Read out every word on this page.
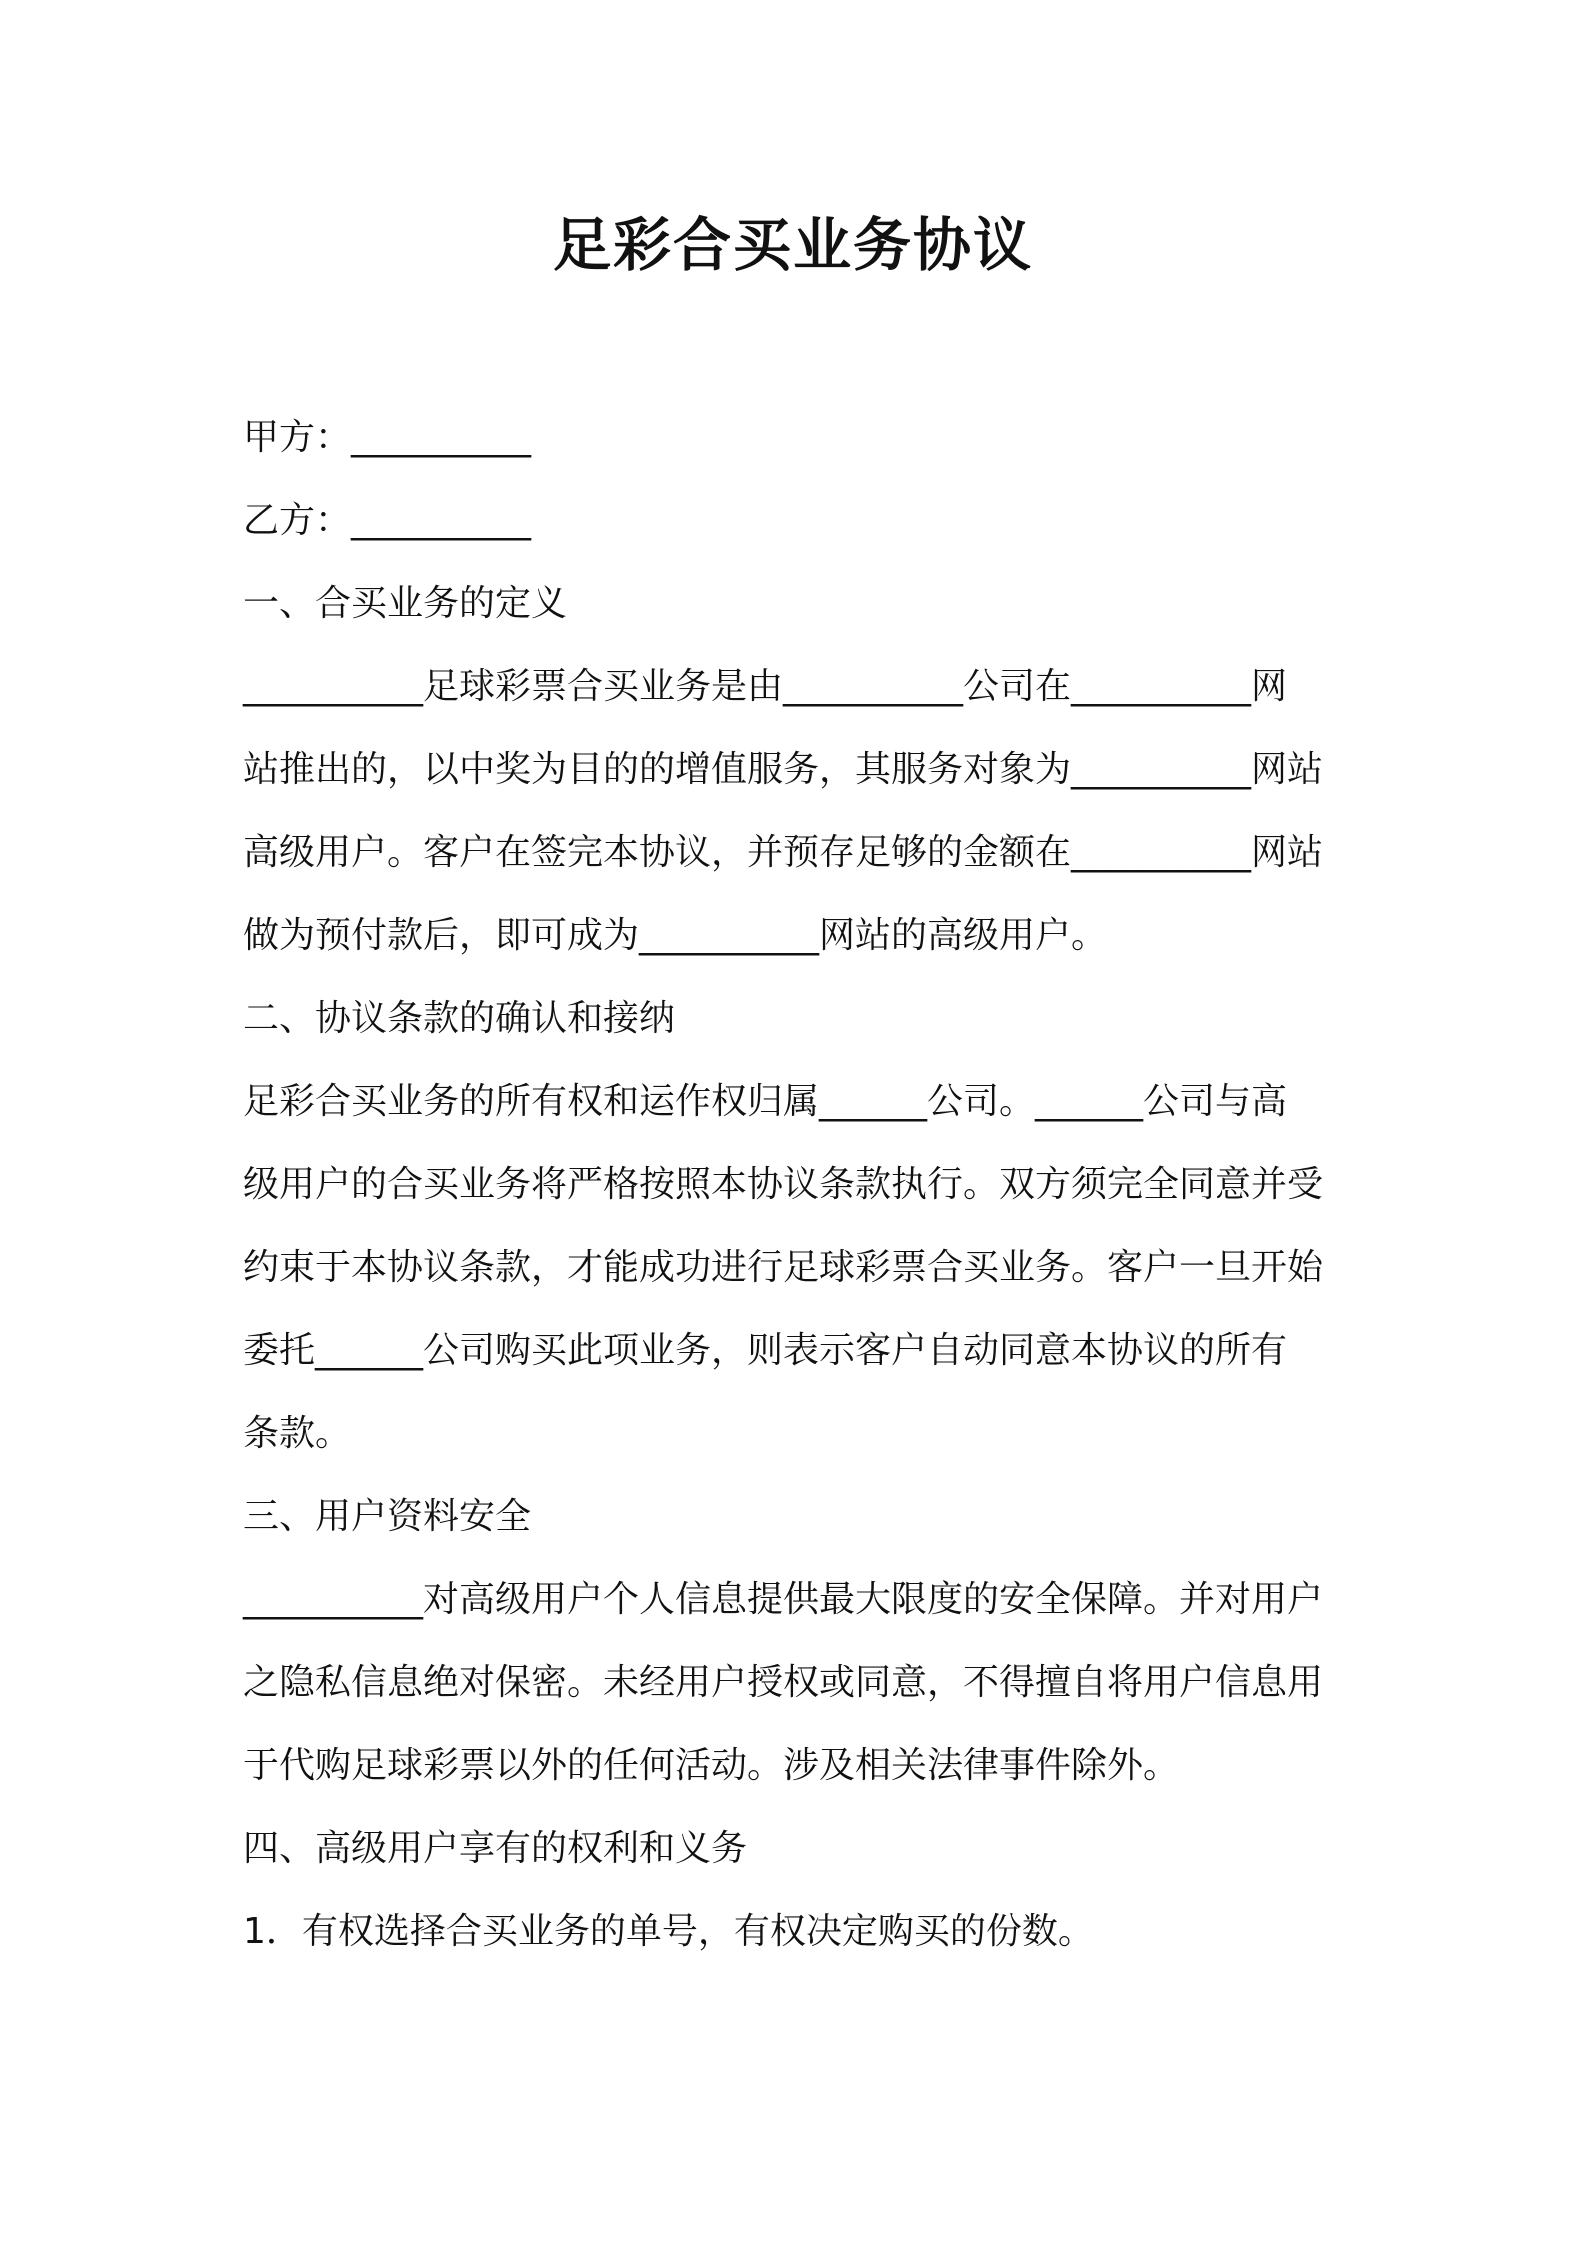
足彩合买业务协议

甲方：__________

乙方：__________

一、合买业务的定义

__________足球彩票合买业务是由__________公司在__________网

站推出的，以中奖为目的的增值服务，其服务对象为__________网站

高级用户。客户在签完本协议，并预存足够的金额在__________网站

做为预付款后，即可成为__________网站的高级用户。

二、协议条款的确认和接纳

足彩合买业务的所有权和运作权归属______公司。______公司与高

级用户的合买业务将严格按照本协议条款执行。双方须完全同意并受

约束于本协议条款，才能成功进行足球彩票合买业务。客户一旦开始

委托______公司购买此项业务，则表示客户自动同意本协议的所有

条款。

三、用户资料安全

__________对高级用户个人信息提供最大限度的安全保障。并对用户

之隐私信息绝对保密。未经用户授权或同意，不得擅自将用户信息用

于代购足球彩票以外的任何活动。涉及相关法律事件除外。

四、高级用户享有的权利和义务

1．有权选择合买业务的单号，有权决定购买的份数。
